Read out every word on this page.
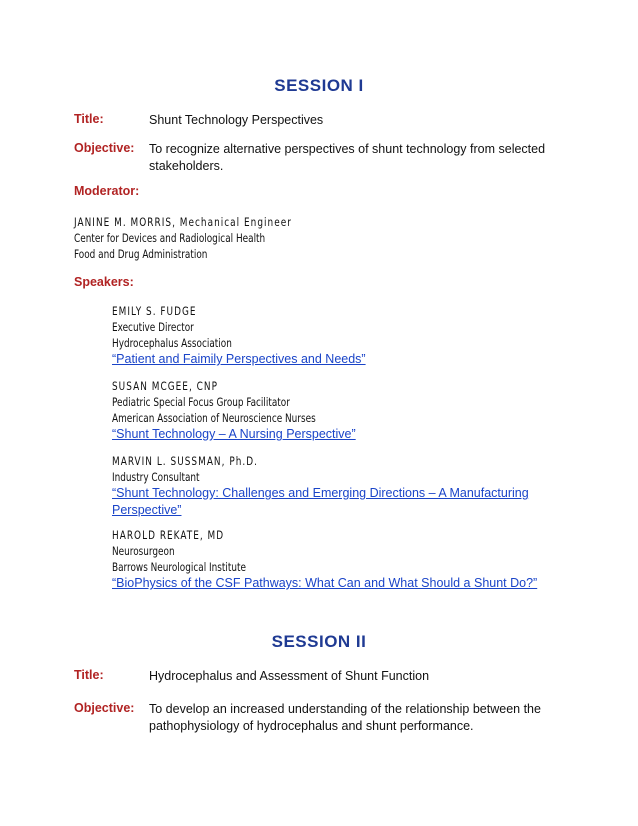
SESSION I
Title:	Shunt Technology Perspectives
Objective: To recognize alternative perspectives of shunt technology from selected stakeholders.
Moderator:
JANINE M. MORRIS, Mechanical Engineer
Center for Devices and Radiological Health
Food and Drug Administration
Speakers:
EMILY S. FUDGE
Executive Director
Hydrocephalus Association
“Patient and Faimily Perspectives and Needs”
SUSAN MCGEE, CNP
Pediatric Special Focus Group Facilitator
American Association of Neuroscience Nurses
“Shunt Technology – A Nursing Perspective”
MARVIN L. SUSSMAN, Ph.D.
Industry Consultant
“Shunt Technology: Challenges and Emerging Directions – A Manufacturing Perspective”
HAROLD REKATE, MD
Neurosurgeon
Barrows Neurological Institute
“BioPhysics of the CSF Pathways: What Can and What Should a Shunt Do?”
SESSION II
Title:	Hydrocephalus and Assessment of Shunt Function
Objective: To develop an increased understanding of the relationship between the pathophysiology of hydrocephalus and shunt performance.
